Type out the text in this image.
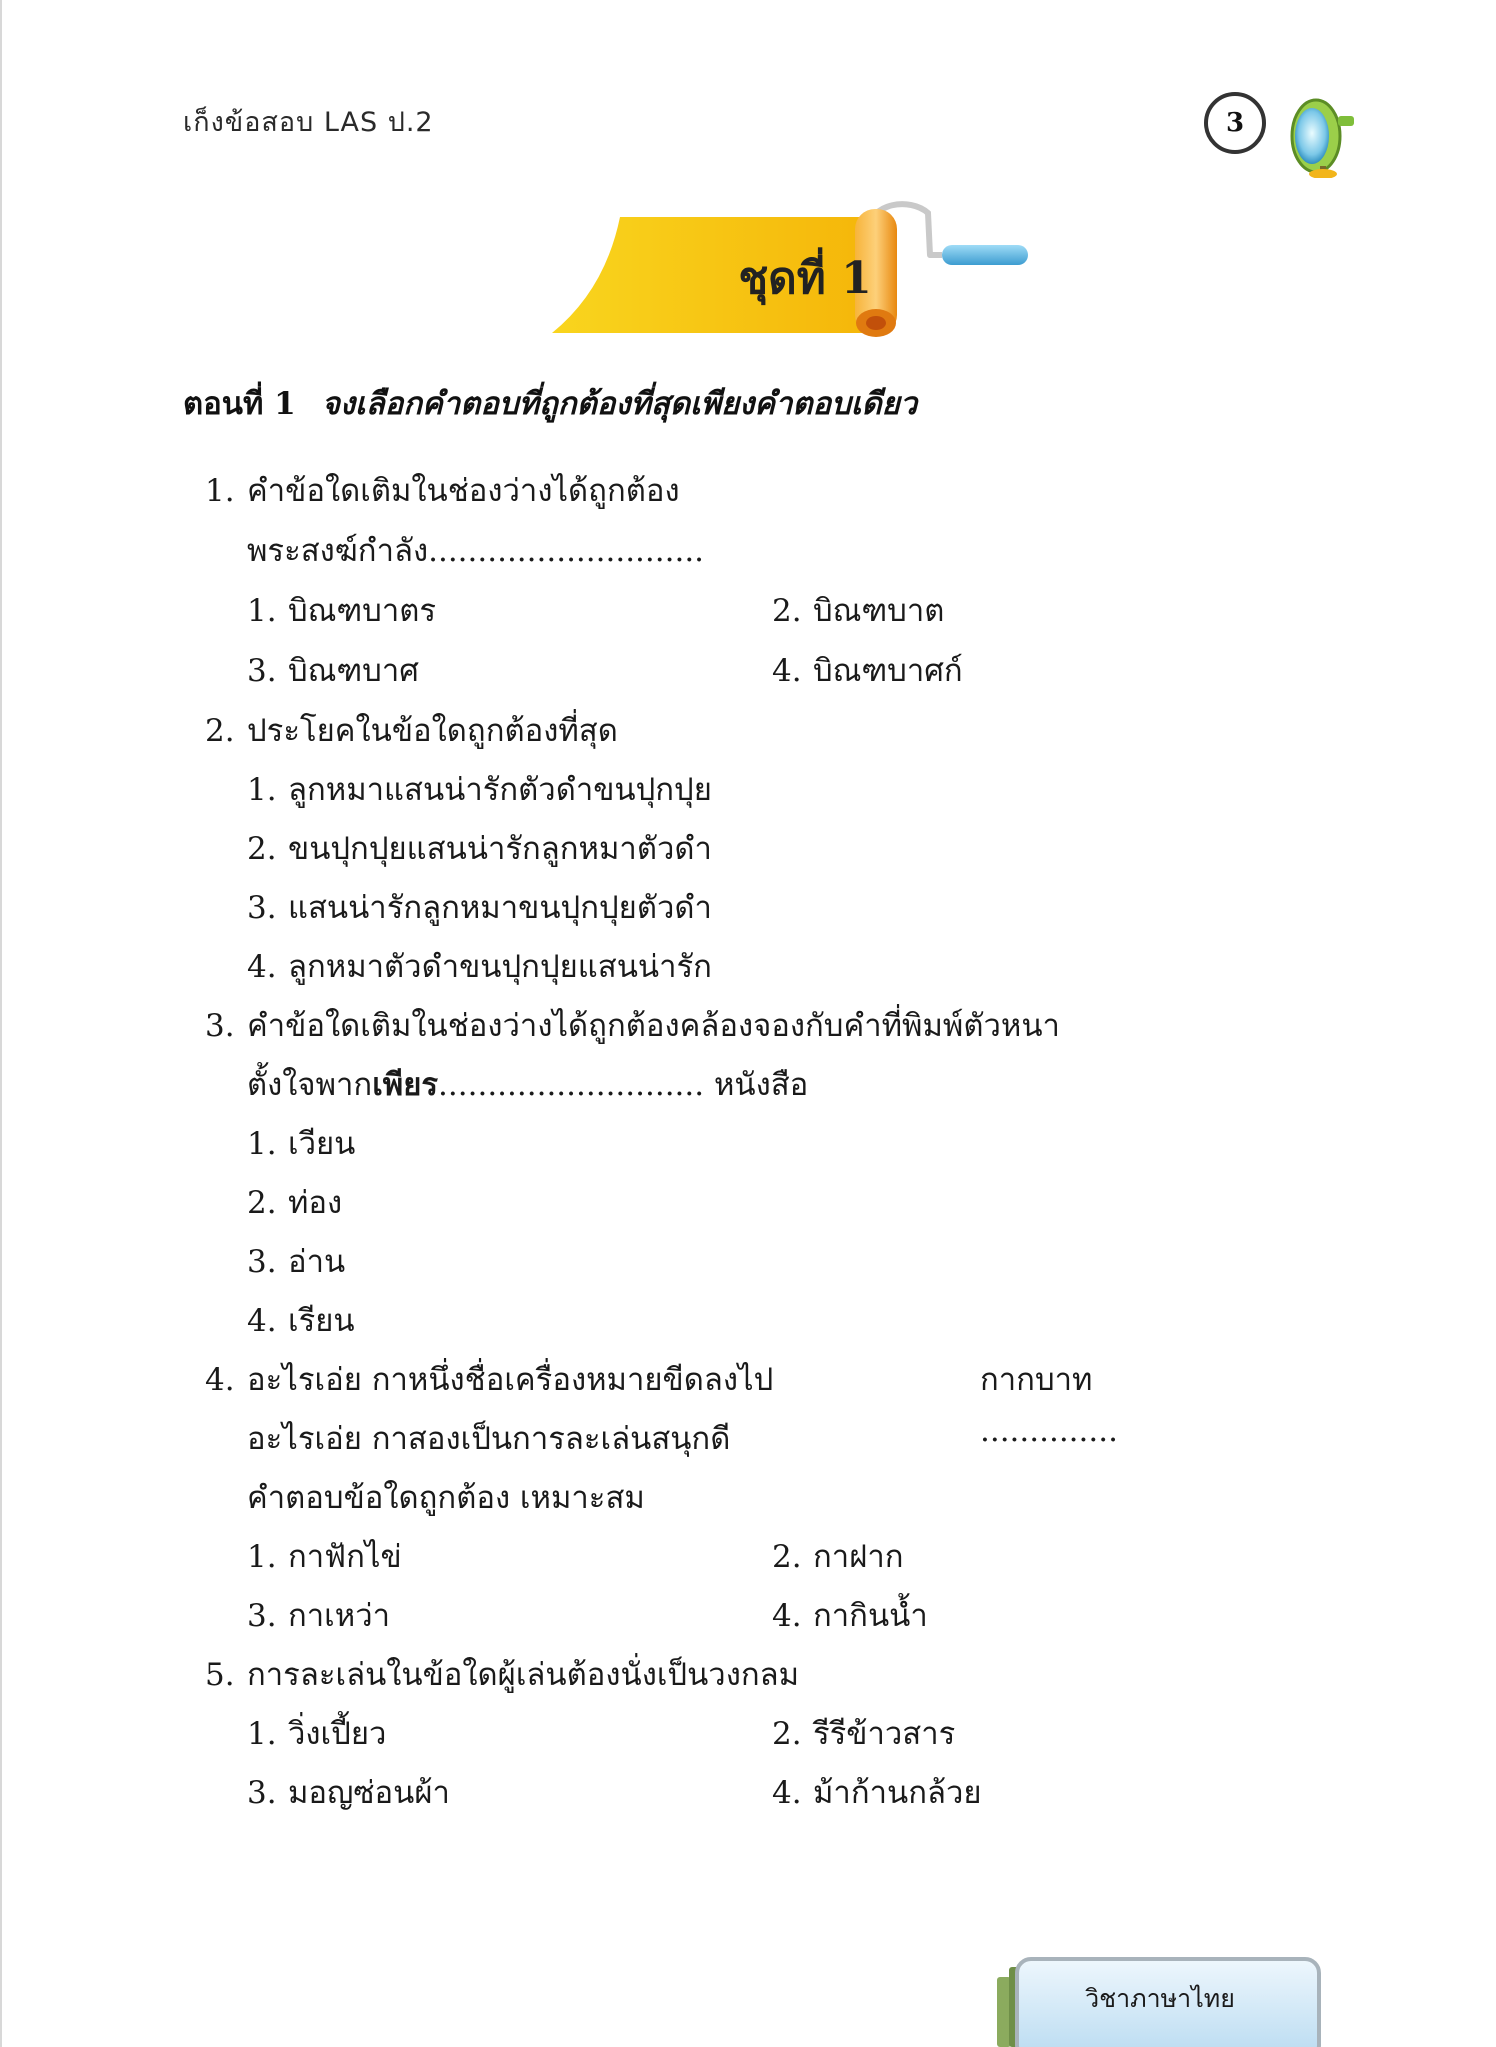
เก็งข้อสอบ LAS ป.2	3
ชุดที่ 1
ตอนที่ 1 จงเลือกคำตอบที่ถูกต้องที่สุดเพียงคำตอบเดียว
1. คำข้อใดเติมในช่องว่างได้ถูกต้อง
พระสงฆ์กำลัง............................
1. บิณฑบาตร	2. บิณฑบาต
3. บิณฑบาศ	4. บิณฑบาศก์
2. ประโยคในข้อใดถูกต้องที่สุด
1. ลูกหมาแสนน่ารักตัวดำขนปุกปุย
2. ขนปุกปุยแสนน่ารักลูกหมาตัวดำ
3. แสนน่ารักลูกหมาขนปุกปุยตัวดำ
4. ลูกหมาตัวดำขนปุกปุยแสนน่ารัก
3. คำข้อใดเติมในช่องว่างได้ถูกต้องคล้องจองกับคำที่พิมพ์ตัวหนา
ตั้งใจพากเพียร........................... หนังสือ
1. เวียน
2. ท่อง
3. อ่าน
4. เรียน
4. อะไรเอ่ย กาหนึ่งชื่อเครื่องหมายขีดลงไป	กากบาท
อะไรเอ่ย กาสองเป็นการละเล่นสนุกดี	..............
คำตอบข้อใดถูกต้อง เหมาะสม
1. กาฟักไข่	2. กาฝาก
3. กาเหว่า	4. กากินน้ำ
5. การละเล่นในข้อใดผู้เล่นต้องนั่งเป็นวงกลม
1. วิ่งเปี้ยว	2. รีรีข้าวสาร
3. มอญซ่อนผ้า	4. ม้าก้านกล้วย
วิชาภาษาไทย
